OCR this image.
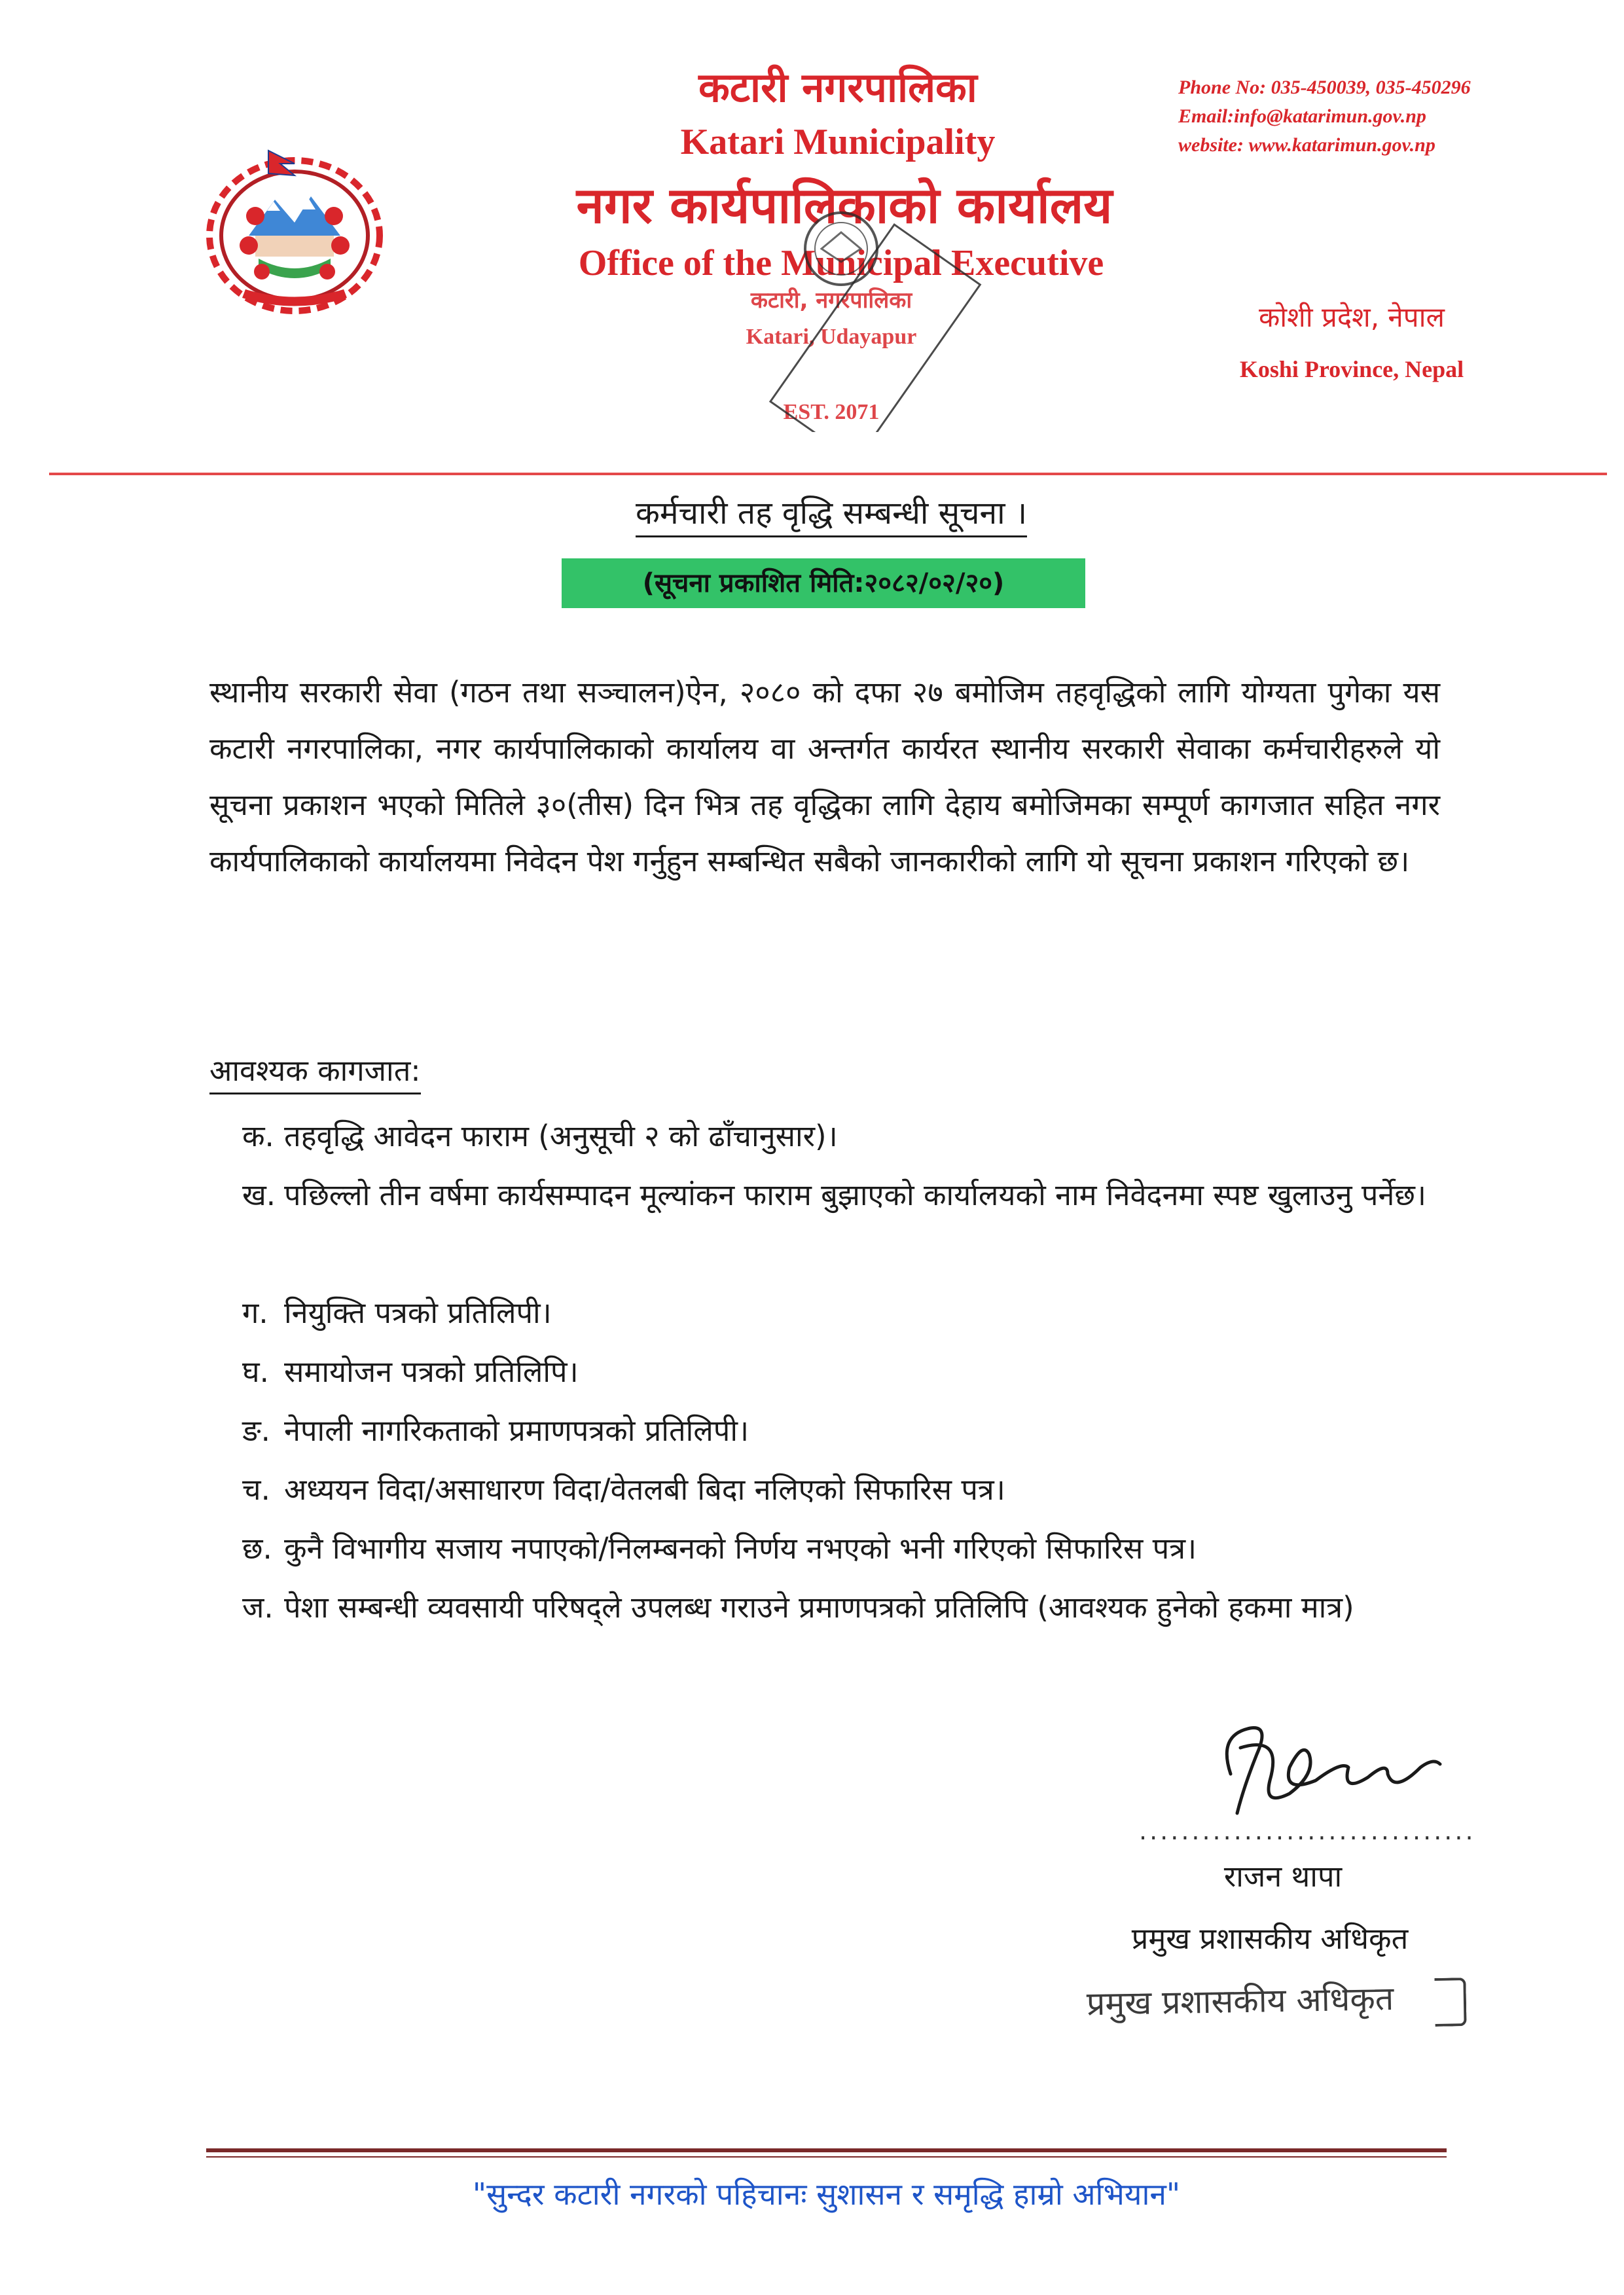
कटारी नगरपालिका
Katari Municipality
नगर कार्यपालिकाको कार्यालय
Office of the Municipal Executive
Phone No: 035-450039, 035-450296
Email:info@katarimun.gov.np
website: www.katarimun.gov.np
कोशी प्रदेश, नेपाल
Koshi Province, Nepal
कटारी, नगरपालिका
Katari, Udayapur
EST. 2071
कर्मचारी तह वृद्धि सम्बन्धी सूचना ।
(सूचना प्रकाशित मिति:२०८२/०२/२०)
स्थानीय सरकारी सेवा (गठन तथा सञ्चालन)ऐन, २०८० को दफा २७ बमोजिम तहवृद्धिको लागि योग्यता पुगेका यस कटारी नगरपालिका, नगर कार्यपालिकाको कार्यालय वा अन्तर्गत कार्यरत स्थानीय सरकारी सेवाका कर्मचारीहरुले यो सूचना प्रकाशन भएको मितिले ३०(तीस) दिन भित्र तह वृद्धिका लागि देहाय बमोजिमका सम्पूर्ण कागजात सहित नगर कार्यपालिकाको कार्यालयमा निवेदन पेश गर्नुहुन सम्बन्धित सबैको जानकारीको लागि यो सूचना प्रकाशन गरिएको छ।
आवश्यक कागजात:
क. तहवृद्धि आवेदन फाराम (अनुसूची २ को ढाँचानुसार)।
ख. पछिल्लो तीन वर्षमा कार्यसम्पादन मूल्यांकन फाराम बुझाएको कार्यालयको नाम निवेदनमा स्पष्ट खुलाउनु पर्नेछ।
ग. नियुक्ति पत्रको प्रतिलिपी।
घ. समायोजन पत्रको प्रतिलिपि।
ङ. नेपाली नागरिकताको प्रमाणपत्रको प्रतिलिपी।
च. अध्ययन विदा/असाधारण विदा/वेतलबी बिदा नलिएको सिफारिस पत्र।
छ. कुनै विभागीय सजाय नपाएको/निलम्बनको निर्णय नभएको भनी गरिएको सिफारिस पत्र।
ज. पेशा सम्बन्धी व्यवसायी परिषद्ले उपलब्ध गराउने प्रमाणपत्रको प्रतिलिपि (आवश्यक हुनेको हकमा मात्र)
................................
राजन थापा
प्रमुख प्रशासकीय अधिकृत
प्रमुख प्रशासकीय अधिकृत
"सुन्दर कटारी नगरको पहिचानः सुशासन र समृद्धि हाम्रो अभियान"
